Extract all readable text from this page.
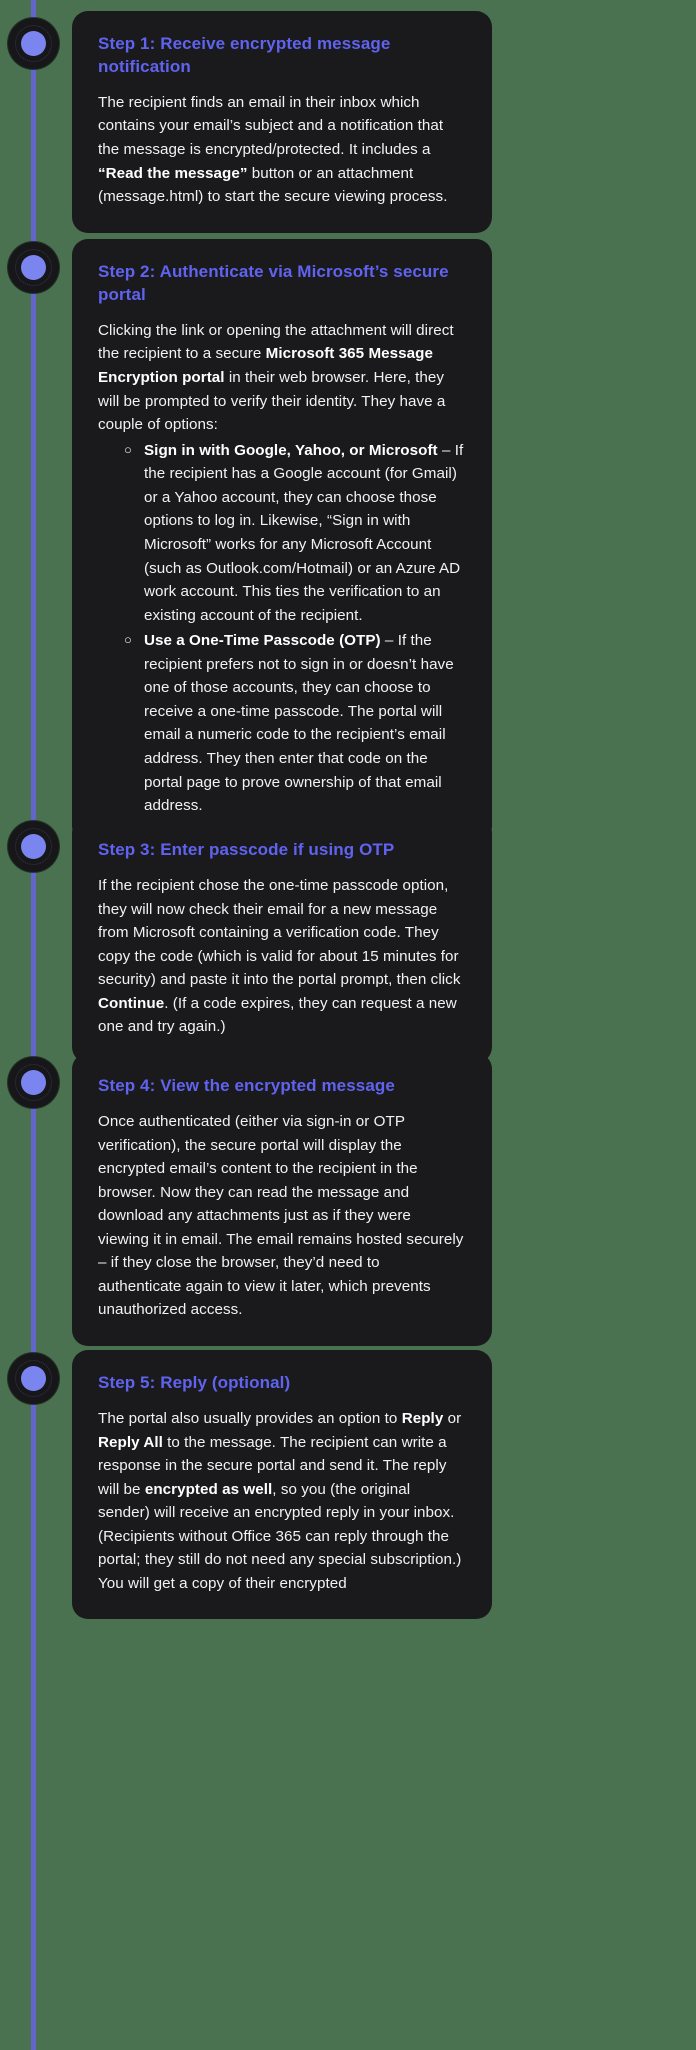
Step 1: Receive encrypted message notification
The recipient finds an email in their inbox which contains your email’s subject and a notification that the message is encrypted/protected. It includes a “Read the message” button or an attachment (message.html) to start the secure viewing process.
Step 2: Authenticate via Microsoft’s secure portal
Clicking the link or opening the attachment will direct the recipient to a secure Microsoft 365 Message Encryption portal in their web browser. Here, they will be prompted to verify their identity. They have a couple of options:
○ Sign in with Google, Yahoo, or Microsoft – If the recipient has a Google account (for Gmail) or a Yahoo account, they can choose those options to log in. Likewise, “Sign in with Microsoft” works for any Microsoft Account (such as Outlook.com/Hotmail) or an Azure AD work account. This ties the verification to an existing account of the recipient.
○ Use a One-Time Passcode (OTP) – If the recipient prefers not to sign in or doesn’t have one of those accounts, they can choose to receive a one-time passcode. The portal will email a numeric code to the recipient’s email address. They then enter that code on the portal page to prove ownership of that email address.
Step 3: Enter passcode if using OTP
If the recipient chose the one-time passcode option, they will now check their email for a new message from Microsoft containing a verification code. They copy the code (which is valid for about 15 minutes for security) and paste it into the portal prompt, then click Continue. (If a code expires, they can request a new one and try again.)
Step 4: View the encrypted message
Once authenticated (either via sign-in or OTP verification), the secure portal will display the encrypted email’s content to the recipient in the browser. Now they can read the message and download any attachments just as if they were viewing it in email. The email remains hosted securely – if they close the browser, they’d need to authenticate again to view it later, which prevents unauthorized access.
Step 5: Reply (optional)
The portal also usually provides an option to Reply or Reply All to the message. The recipient can write a response in the secure portal and send it. The reply will be encrypted as well, so you (the original sender) will receive an encrypted reply in your inbox. (Recipients without Office 365 can reply through the portal; they still do not need any special subscription.) You will get a copy of their encrypted
